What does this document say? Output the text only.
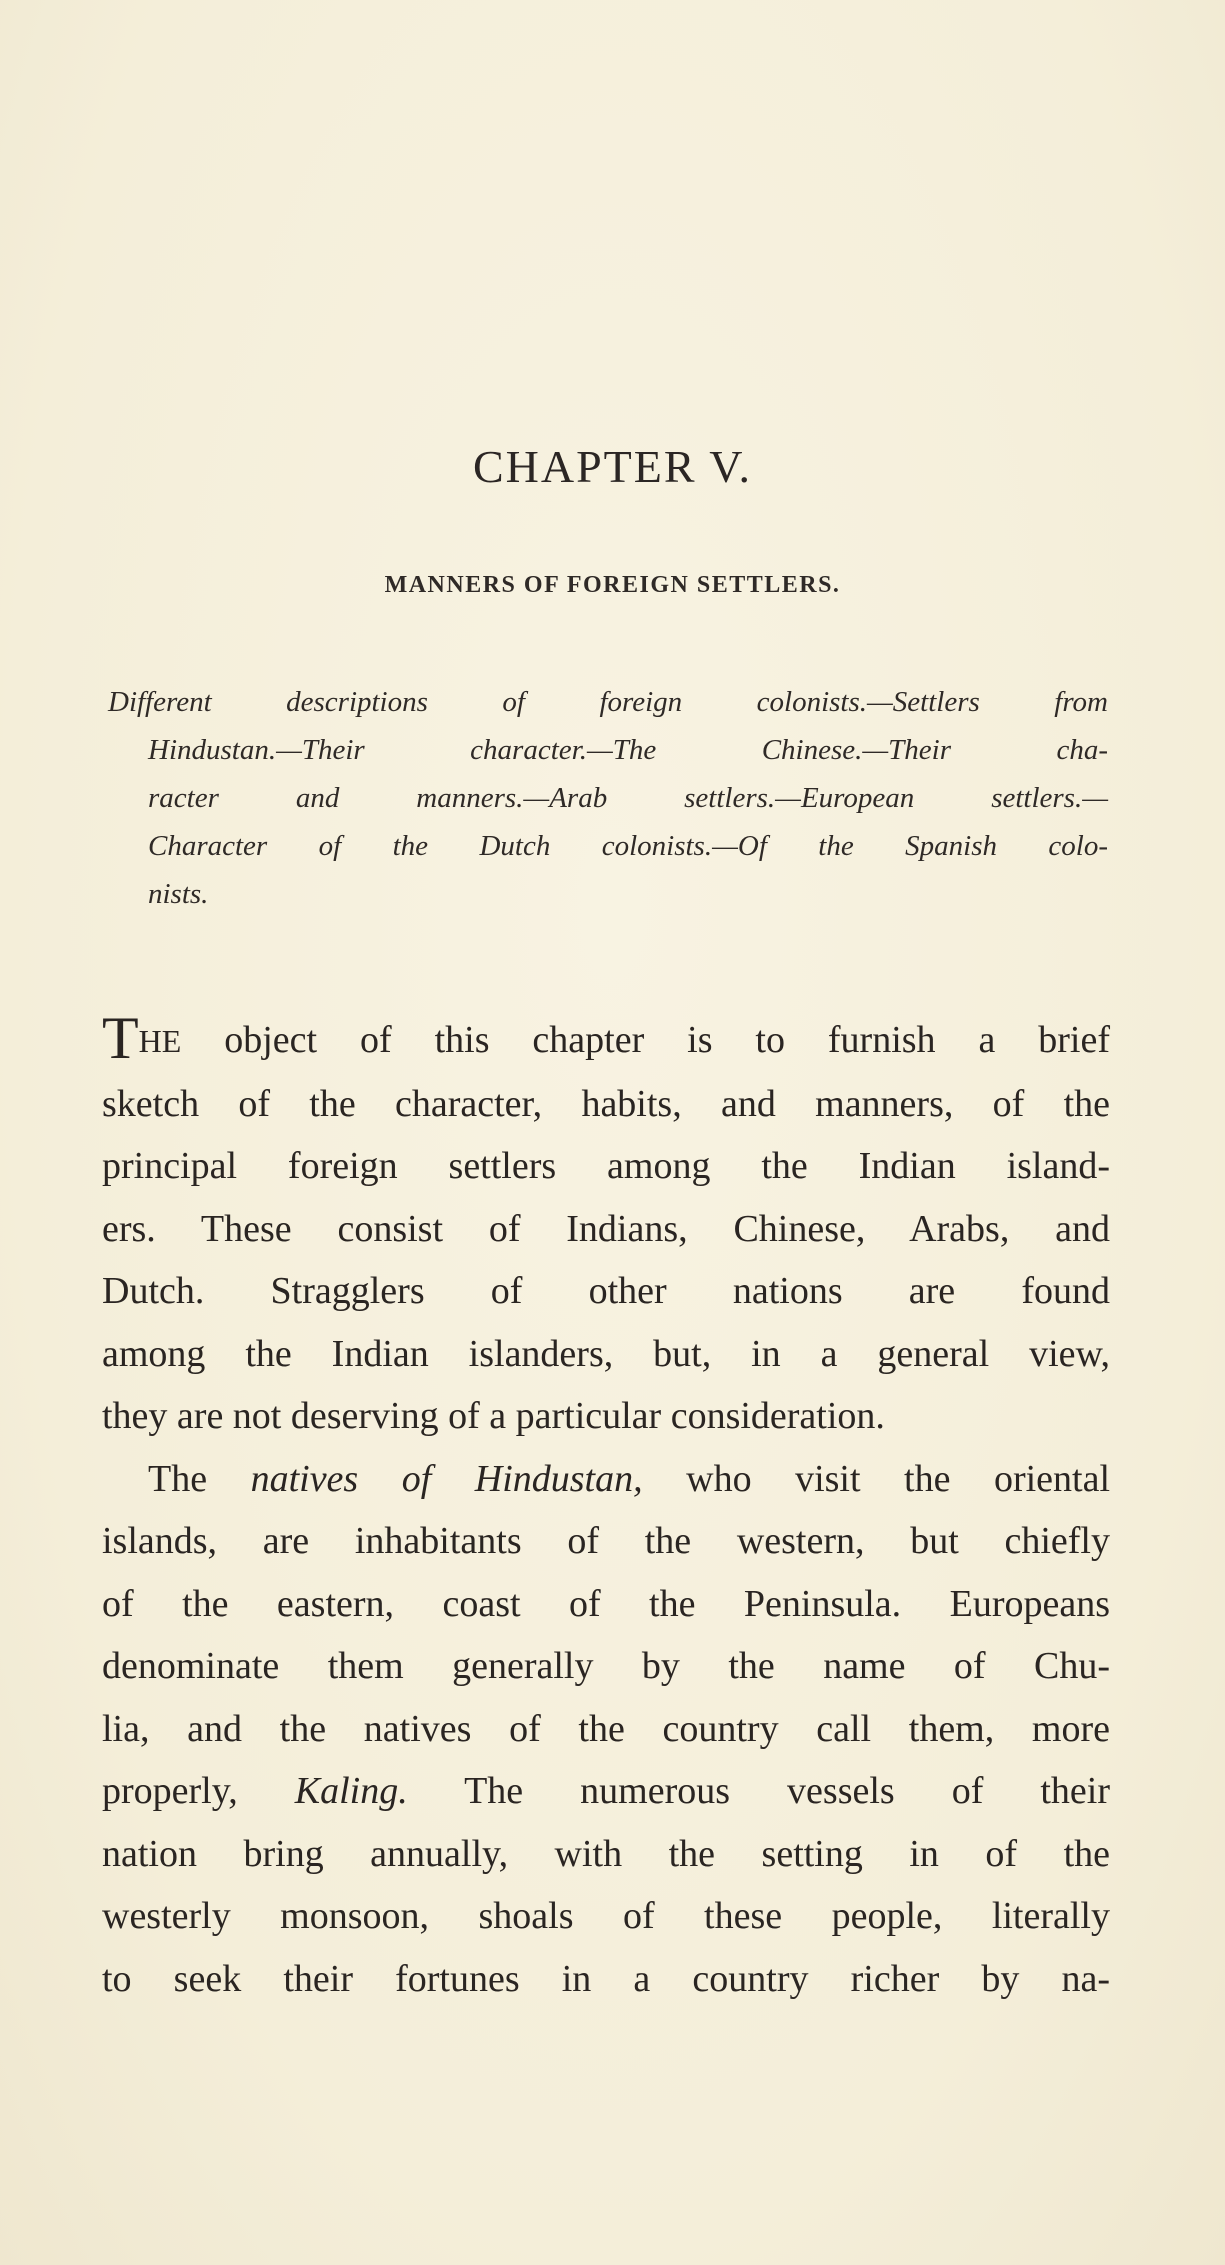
CHAPTER V.
MANNERS OF FOREIGN SETTLERS.
Different descriptions of foreign colonists.—Settlers from
Hindustan.—Their character.—The Chinese.—Their cha-
racter and manners.—Arab settlers.—European settlers.—
Character of the Dutch colonists.—Of the Spanish colo-
nists.
THE object of this chapter is to furnish a brief
sketch of the character, habits, and manners, of the
principal foreign settlers among the Indian island-
ers. These consist of Indians, Chinese, Arabs, and
Dutch. Stragglers of other nations are found
among the Indian islanders, but, in a general view,
they are not deserving of a particular consideration.
The natives of Hindustan, who visit the oriental
islands, are inhabitants of the western, but chiefly
of the eastern, coast of the Peninsula. Europeans
denominate them generally by the name of Chu-
lia, and the natives of the country call them, more
properly, Kaling. The numerous vessels of their
nation bring annually, with the setting in of the
westerly monsoon, shoals of these people, literally
to seek their fortunes in a country richer by na-
